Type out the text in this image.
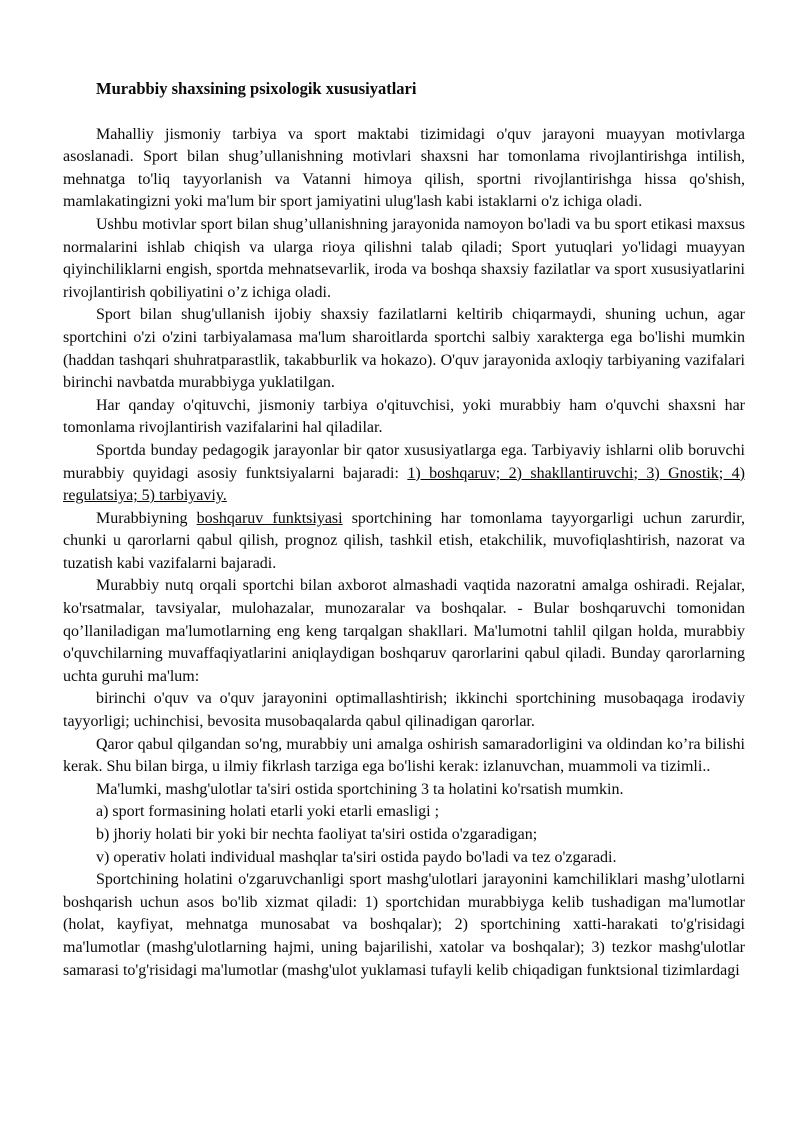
Murabbiy shaxsining psixologik xususiyatlari

Mahalliy jismoniy tarbiya va sport maktabi tizimidagi o'quv jarayoni muayyan motivlarga asoslanadi. Sport bilan shug’ullanishning motivlari shaxsni har tomonlama rivojlantirishga intilish, mehnatga to'liq tayyorlanish va Vatanni himoya qilish, sportni rivojlantirishga hissa qo'shish, mamlakatingizni yoki ma'lum bir sport jamiyatini ulug'lash kabi istaklarni o'z ichiga oladi.

Ushbu motivlar sport bilan shug’ullanishning jarayonida namoyon bo'ladi va bu sport etikasi maxsus normalarini ishlab chiqish va ularga rioya qilishni talab qiladi; Sport yutuqlari yo'lidagi muayyan qiyinchiliklarni engish, sportda mehnatsevarlik, iroda va boshqa shaxsiy fazilatlar va sport xususiyatlarini rivojlantirish qobiliyatini o’z ichiga oladi.

Sport bilan shug'ullanish ijobiy shaxsiy fazilatlarni keltirib chiqarmaydi, shuning uchun, agar sportchini o'zi o'zini tarbiyalamasa ma'lum sharoitlarda sportchi salbiy xarakterga ega bo'lishi mumkin (haddan tashqari shuhratparastlik, takabburlik va hokazo). O'quv jarayonida axloqiy tarbiyaning vazifalari birinchi navbatda murabbiyga yuklatilgan.

Har qanday o'qituvchi, jismoniy tarbiya o'qituvchisi, yoki murabbiy ham o'quvchi shaxsni har tomonlama rivojlantirish vazifalarini hal qiladilar.

Sportda bunday pedagogik jarayonlar bir qator xususiyatlarga ega. Tarbiyaviy ishlarni olib boruvchi murabbiy quyidagi asosiy funktsiyalarni bajaradi: 1) boshqaruv; 2) shakllantiruvchi; 3) Gnostik; 4) regulatsiya; 5) tarbiyaviy.

Murabbiyning boshqaruv funktsiyasi sportchining har tomonlama tayyorgarligi uchun zarurdir, chunki u qarorlarni qabul qilish, prognoz qilish, tashkil etish, etakchilik, muvofiqlashtirish, nazorat va tuzatish kabi vazifalarni bajaradi.

Murabbiy nutq orqali sportchi bilan axborot almashadi vaqtida nazoratni amalga oshiradi. Rejalar, ko'rsatmalar, tavsiyalar, mulohazalar, munozaralar va boshqalar. - Bular boshqaruvchi tomonidan qo’llaniladigan ma'lumotlarning eng keng tarqalgan shakllari. Ma'lumotni tahlil qilgan holda, murabbiy o'quvchilarning muvaffaqiyatlarini aniqlaydigan boshqaruv qarorlarini qabul qiladi. Bunday qarorlarning uchta guruhi ma'lum:

birinchi o'quv va o'quv jarayonini optimallashtirish; ikkinchi sportchining musobaqaga irodaviy tayyorligi; uchinchisi, bevosita musobaqalarda qabul qilinadigan qarorlar.

Qaror qabul qilgandan so'ng, murabbiy uni amalga oshirish samaradorligini va oldindan ko’ra bilishi kerak. Shu bilan birga, u ilmiy fikrlash tarziga ega bo'lishi kerak: izlanuvchan, muammoli va tizimli..

Ma'lumki, mashg'ulotlar ta'siri ostida sportchining 3 ta holatini ko'rsatish mumkin.

a) sport formasining holati etarli yoki etarli emasligi ;

b) jhoriy holati bir yoki bir nechta faoliyat ta'siri ostida o'zgaradigan;

v) operativ holati individual mashqlar ta'siri ostida paydo bo'ladi va tez o'zgaradi.

Sportchining holatini o'zgaruvchanligi sport mashg'ulotlari jarayonini kamchiliklari mashg’ulotlarni boshqarish uchun asos bo'lib xizmat qiladi: 1) sportchidan murabbiyga kelib tushadigan ma'lumotlar (holat, kayfiyat, mehnatga munosabat va boshqalar); 2) sportchining xatti-harakati to'g'risidagi ma'lumotlar (mashg'ulotlarning hajmi, uning bajarilishi, xatolar va boshqalar); 3) tezkor mashg'ulotlar samarasi to'g'risidagi ma'lumotlar (mashg'ulot yuklamasi tufayli kelib chiqadigan funktsional tizimlardagi
